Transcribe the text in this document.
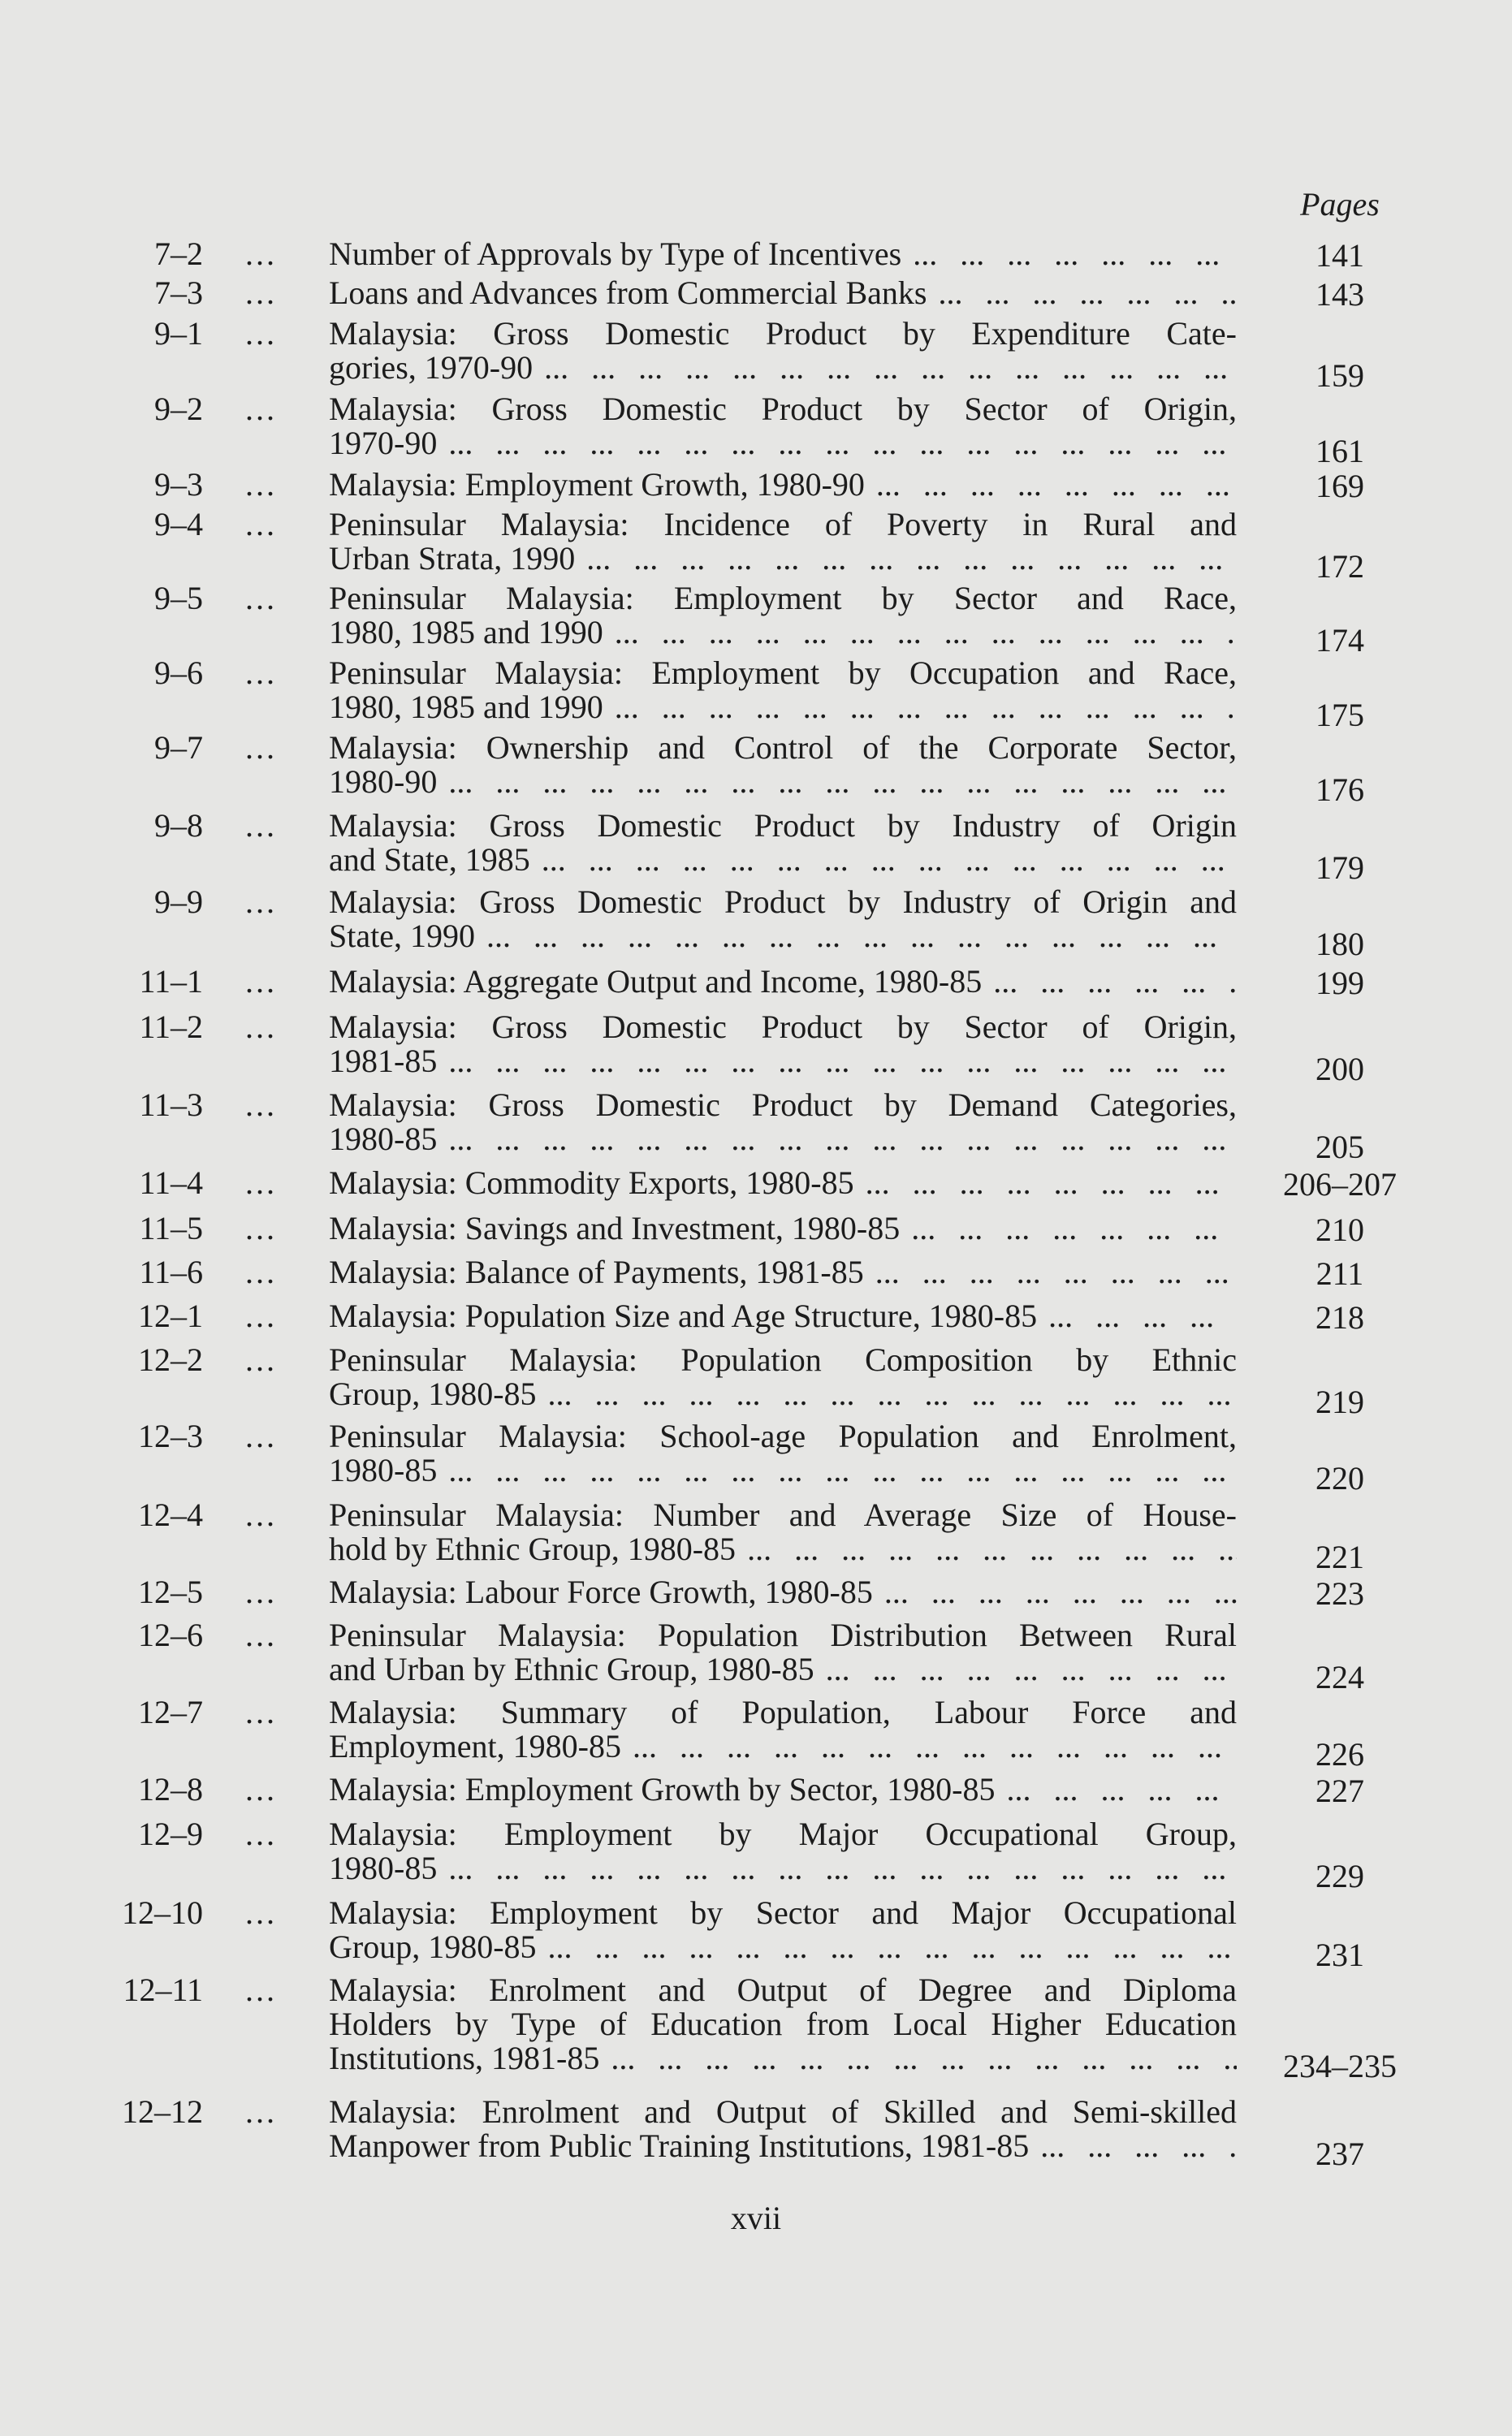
Pages
7–2 ... Number of Approvals by Type of Incentives ... .	141
7–3 ... Loans and Advances from Commercial Banks ... .	143
9–1 ... Malaysia: Gross Domestic Product by Expenditure Cate-
gories, 1970-90 ... .	159
9–2 ... Malaysia: Gross Domestic Product by Sector of Origin,
1970-90 ... .	161
9–3 ... Malaysia: Employment Growth, 1980-90 ... .	169
9–4 ... Peninsular Malaysia: Incidence of Poverty in Rural and
Urban Strata, 1990 ... .	172
9–5 ... Peninsular Malaysia: Employment by Sector and Race,
1980, 1985 and 1990 ... .	174
9–6 ... Peninsular Malaysia: Employment by Occupation and Race,
1980, 1985 and 1990 ... .	175
9–7 ... Malaysia: Ownership and Control of the Corporate Sector,
1980-90 ... .	176
9–8 ... Malaysia: Gross Domestic Product by Industry of Origin
and State, 1985 ... .	179
9–9 ... Malaysia: Gross Domestic Product by Industry of Origin and
State, 1990 ... .	180
11–1 ... Malaysia: Aggregate Output and Income, 1980-85 ... .	199
11–2 ... Malaysia: Gross Domestic Product by Sector of Origin,
1981-85 ... .	200
11–3 ... Malaysia: Gross Domestic Product by Demand Categories,
1980-85 ... .	205
11–4 ... Malaysia: Commodity Exports, 1980-85 ... .	206–207
11–5 ... Malaysia: Savings and Investment, 1980-85 ... .	210
11–6 ... Malaysia: Balance of Payments, 1981-85 ... .	211
12–1 ... Malaysia: Population Size and Age Structure, 1980-85 ... .	218
12–2 ... Peninsular Malaysia: Population Composition by Ethnic
Group, 1980-85 ... .	219
12–3 ... Peninsular Malaysia: School-age Population and Enrolment,
1980-85 ... .	220
12–4 ... Peninsular Malaysia: Number and Average Size of House-
hold by Ethnic Group, 1980-85 ... .	221
12–5 ... Malaysia: Labour Force Growth, 1980-85 ... .	223
12–6 ... Peninsular Malaysia: Population Distribution Between Rural
and Urban by Ethnic Group, 1980-85 ... .	224
12–7 ... Malaysia: Summary of Population, Labour Force and
Employment, 1980-85 ... .	226
12–8 ... Malaysia: Employment Growth by Sector, 1980-85 ... .	227
12–9 ... Malaysia: Employment by Major Occupational Group,
1980-85 ... .	229
12–10 ... Malaysia: Employment by Sector and Major Occupational
Group, 1980-85 ... .	231
12–11 ... Malaysia: Enrolment and Output of Degree and Diploma
Holders by Type of Education from Local Higher Education
Institutions, 1981-85 ... .	234–235
12–12 ... Malaysia: Enrolment and Output of Skilled and Semi-skilled
Manpower from Public Training Institutions, 1981-85 ... .	237
xvii
